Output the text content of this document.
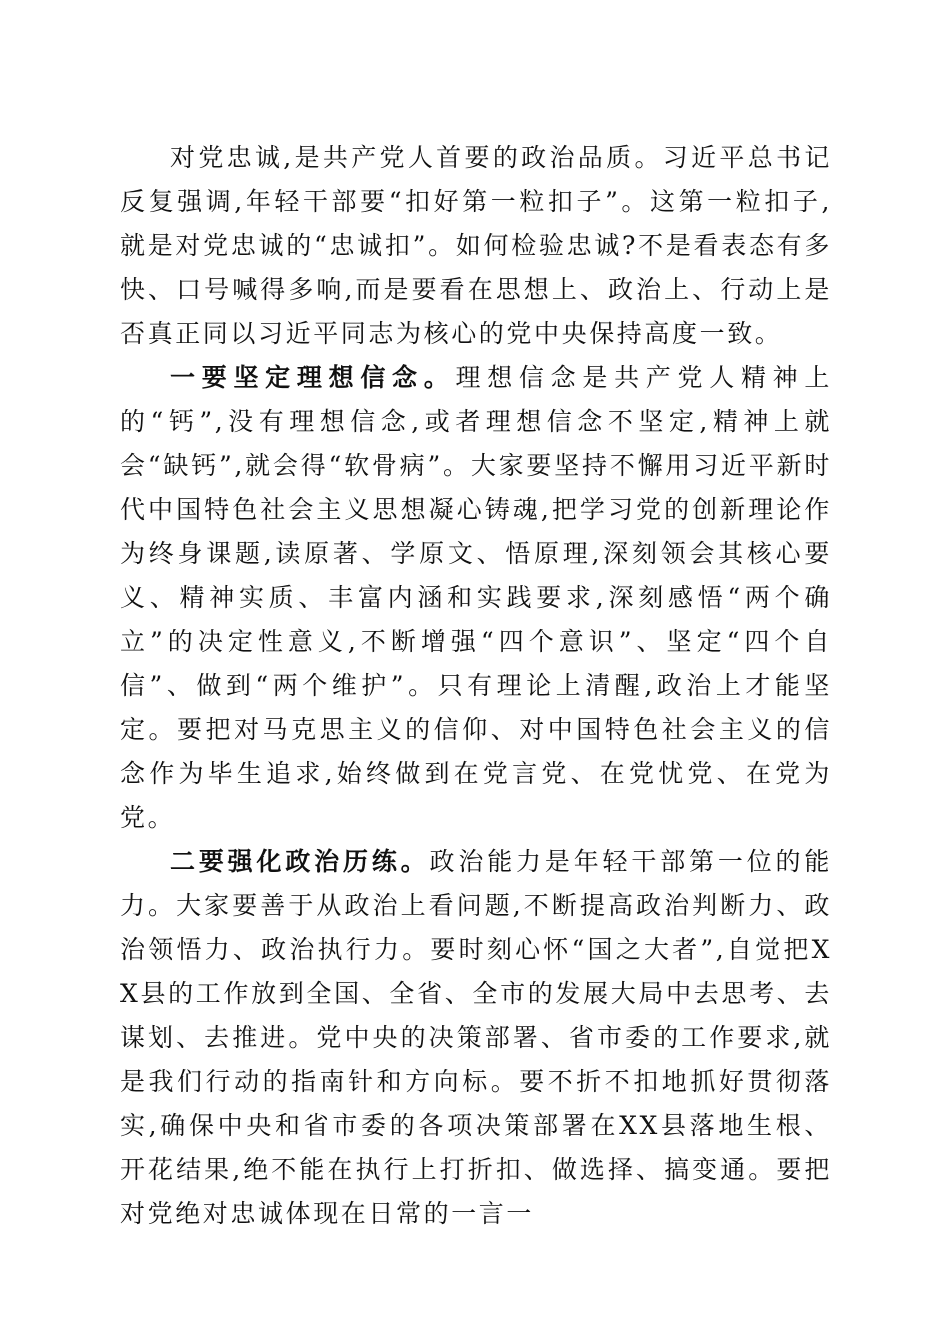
对党忠诚,是共产党人首要的政治品质。习近平总书记反复强调,年轻干部要“扣好第一粒扣子”。这第一粒扣子,就是对党忠诚的“忠诚扣”。如何检验忠诚?不是看表态有多快、口号喊得多响,而是要看在思想上、政治上、行动上是否真正同以习近平同志为核心的党中央保持高度一致。

一要坚定理想信念。理想信念是共产党人精神上的“钙”,没有理想信念,或者理想信念不坚定,精神上就会“缺钙”,就会得“软骨病”。大家要坚持不懈用习近平新时代中国特色社会主义思想凝心铸魂,把学习党的创新理论作为终身课题,读原著、学原文、悟原理,深刻领会其核心要义、精神实质、丰富内涵和实践要求,深刻感悟“两个确立”的决定性意义,不断增强“四个意识”、坚定“四个自信”、做到“两个维护”。只有理论上清醒,政治上才能坚定。要把对马克思主义的信仰、对中国特色社会主义的信念作为毕生追求,始终做到在党言党、在党忧党、在党为党。

二要强化政治历练。政治能力是年轻干部第一位的能力。大家要善于从政治上看问题,不断提高政治判断力、政治领悟力、政治执行力。要时刻心怀“国之大者”,自觉把XX县的工作放到全国、全省、全市的发展大局中去思考、去谋划、去推进。党中央的决策部署、省市委的工作要求,就是我们行动的指南针和方向标。要不折不扣地抓好贯彻落实,确保中央和省市委的各项决策部署在XX县落地生根、开花结果,绝不能在执行上打折扣、做选择、搞变通。要把对党绝对忠诚体现在日常的一言一
